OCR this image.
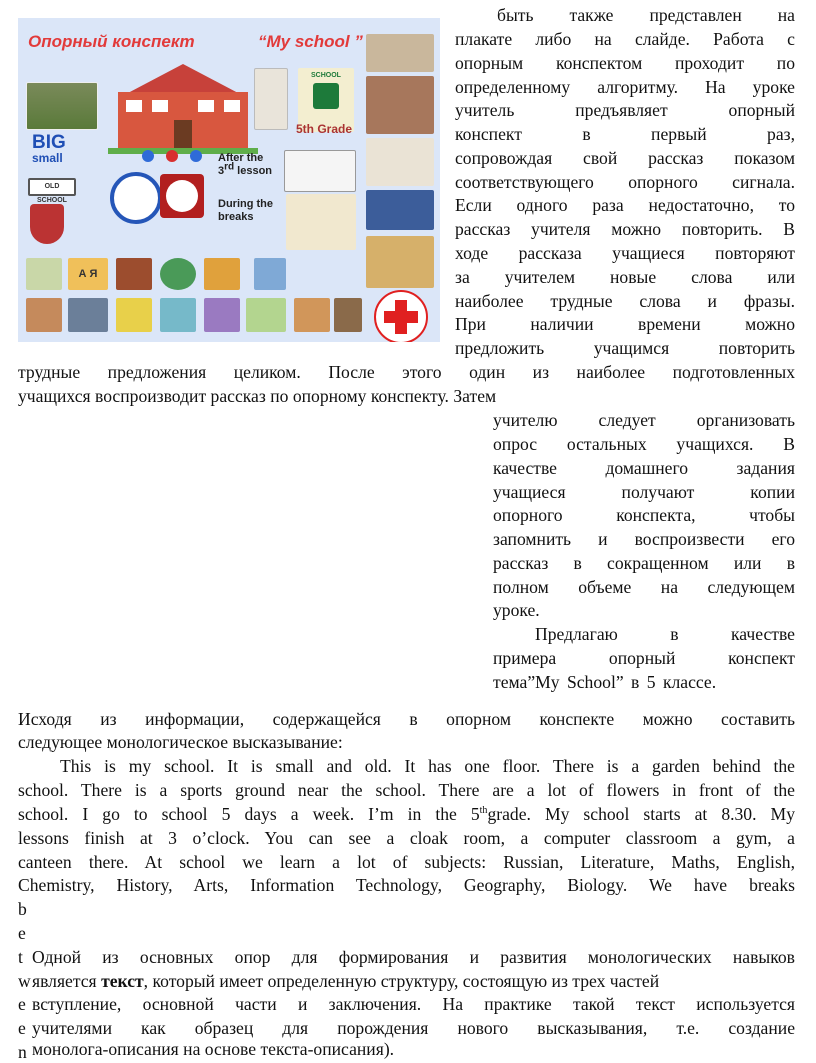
Опорный конспект	“My school ”
BIG
small
OLD SCHOOL
After the
3rd lesson
During the
breaks
SCHOOL
5th Grade
А Я
быть также представлен на
плакате либо на слайде. Работа с
опорным конспектом проходит по
определенному алгоритму. На уроке
учитель предъявляет опорный
конспект в первый раз,
сопровождая свой рассказ показом
соответствующего опорного сигнала.
Если одного раза недостаточно, то
рассказ учителя можно повторить. В
ходе рассказа учащиеся повторяют
за учителем новые слова или
наиболее трудные слова и фразы.
При наличии времени можно
предложить учащимся повторить
трудные предложения целиком. После этого один из наиболее подготовленных
учащихся воспроизводит рассказ по опорному конспекту. Затем
учителю следует организовать
опрос остальных учащихся. В
качестве домашнего задания
учащиеся получают копии
опорного конспекта, чтобы
запомнить и воспроизвести его
рассказ в сокращенном или в
полном объеме на следующем
уроке.
Предлагаю в качестве
примера опорный конспект
тема”My School” в 5 классе.
Исходя из информации, содержащейся в опорном конспекте можно составить
следующее монологическое высказывание:
This is my school. It is small and old. It has one floor. There is a garden behind the
school. There is a sports ground near the school. There are a lot of flowers in front of the
school. I go to school 5 days a week. I’m in the 5thgrade. My school starts at 8.30. My
lessons finish at 3 o’clock. You can see a cloak room, a computer classroom a gym, a
canteen there. At school we learn a lot of subjects: Russian, Literature, Maths, English,
Chemistry, History, Arts, Information Technology, Geography, Biology. We have breaks
b
e
t
w
e
e
n
Одной из основных опор для формирования и развития монологических навыков
является текст, который имеет определенную структуру, состоящую из трех частей
вступление, основной части и заключения. На практике такой текст используется
учителями как образец для порождения нового высказывания, т.е. создание
монолога-описания на основе текста-описания).
